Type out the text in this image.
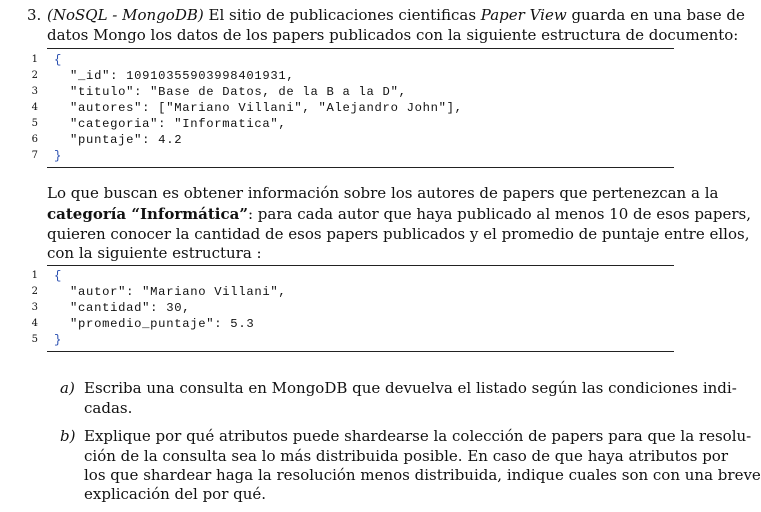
3. (NoSQL - MongoDB) El sitio de publicaciones cientificas Paper View guarda en una base de
datos Mongo los datos de los papers publicados con la siguiente estructura de documento:
1 {
2 "_id": 10910355903998401931,
3 "titulo": "Base de Datos, de la B a la D",
4 "autores": ["Mariano Villani", "Alejandro John"],
5 "categoria": "Informatica",
6 "puntaje": 4.2
7 }
Lo que buscan es obtener información sobre los autores de papers que pertenezcan a la
categoría “Informática”: para cada autor que haya publicado al menos 10 de esos papers,
quieren conocer la cantidad de esos papers publicados y el promedio de puntaje entre ellos,
con la siguiente estructura :
1 {
2 "autor": "Mariano Villani",
3 "cantidad": 30,
4 "promedio_puntaje": 5.3
5 }
a) Escriba una consulta en MongoDB que devuelva el listado según las condiciones indi-
cadas.
b) Explique por qué atributos puede shardearse la colección de papers para que la resolu-
ción de la consulta sea lo más distribuida posible. En caso de que haya atributos por
los que shardear haga la resolución menos distribuida, indique cuales son con una breve
explicación del por qué.
